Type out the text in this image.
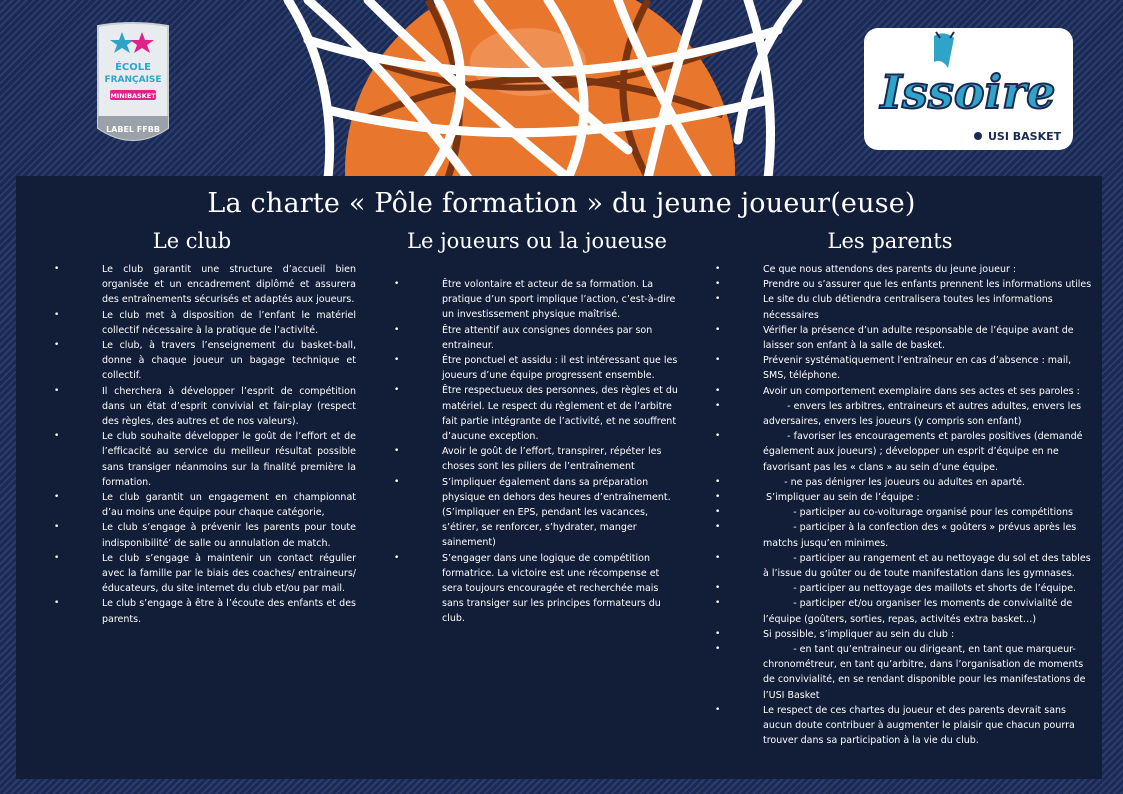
ÉCOLE
FRANÇAISE
MINIBASKET
LABEL FFBB
Issoire
USI BASKET
La charte « Pôle formation » du jeune joueur(euse)
Le club	Le joueurs ou la joueuse	Les parents
•	Le club garantit une structure d’accueil bien organisée et un encadrement diplômé et assurera des entraînements sécurisés et adaptés aux joueurs.
•	Le club met à disposition de l’enfant le matériel collectif nécessaire à la pratique de l’activité.
•	Le club, à travers l’enseignement du basket-ball, donne à chaque joueur un bagage technique et collectif.
•	Il cherchera à développer l’esprit de compétition dans un état d’esprit convivial et fair-play (respect des règles, des autres et de nos valeurs).
•	Le club souhaite développer le goût de l’effort et de l’efficacité au service du meilleur résultat possible sans transiger néanmoins sur la finalité première la formation.
•	Le club garantit un engagement en championnat d’au moins une équipe pour chaque catégorie,
•	Le club s’engage à prévenir les parents pour toute indisponibilité’ de salle ou annulation de match.
•	Le club s’engage à maintenir un contact régulier avec la famille par le biais des coaches/ entraineurs/ éducateurs, du site internet du club et/ou par mail.
•	Le club s’engage à être à l’écoute des enfants et des parents.
•	Être volontaire et acteur de sa formation. La pratique d’un sport implique l’action, c’est-à-dire un investissement physique maîtrisé.
•	Être attentif aux consignes données par son entraineur.
•	Être ponctuel et assidu : il est intéressant que les joueurs d’une équipe progressent ensemble.
•	Être respectueux des personnes, des règles et du matériel. Le respect du règlement et de l’arbitre fait partie intégrante de l’activité, et ne souffrent d’aucune exception.
•	Avoir le goût de l’effort, transpirer, répéter les choses sont les piliers de l’entraînement
•	S’impliquer également dans sa préparation physique en dehors des heures d’entraînement. (S’impliquer en EPS, pendant les vacances, s’étirer, se renforcer, s’hydrater, manger sainement)
•	S’engager dans une logique de compétition formatrice. La victoire est une récompense et sera toujours encouragée et recherchée mais sans transiger sur les principes formateurs du club.
•	Ce que nous attendons des parents du jeune joueur :
•	Prendre ou s’assurer que les enfants prennent les informations utiles
•	Le site du club détiendra centralisera toutes les informations nécessaires
•	Vérifier la présence d’un adulte responsable de l’équipe avant de laisser son enfant à la salle de basket.
•	Prévenir systématiquement l’entraîneur en cas d’absence : mail, SMS, téléphone.
•	Avoir un comportement exemplaire dans ses actes et ses paroles :
•	- envers les arbitres, entraineurs et autres adultes, envers les adversaires, envers les joueurs (y compris son enfant)
•	- favoriser les encouragements et paroles positives (demandé également aux joueurs) ; développer un esprit d’équipe en ne favorisant pas les « clans » au sein d’une équipe.
•	- ne pas dénigrer les joueurs ou adultes en aparté.
•	S’impliquer au sein de l’équipe :
•	- participer au co-voiturage organisé pour les compétitions
•	- participer à la confection des « goûters » prévus après les matchs jusqu’en minimes.
•	- participer au rangement et au nettoyage du sol et des tables à l’issue du goûter ou de toute manifestation dans les gymnases.
•	- participer au nettoyage des maillots et shorts de l’équipe.
•	- participer et/ou organiser les moments de convivialité de l’équipe (goûters, sorties, repas, activités extra basket…)
•	Si possible, s’impliquer au sein du club :
•	- en tant qu’entraineur ou dirigeant, en tant que marqueur-chronométreur, en tant qu’arbitre, dans l’organisation de moments de convivialité, en se rendant disponible pour les manifestations de l’USI Basket
•	Le respect de ces chartes du joueur et des parents devrait sans aucun doute contribuer à augmenter le plaisir que chacun pourra trouver dans sa participation à la vie du club.
